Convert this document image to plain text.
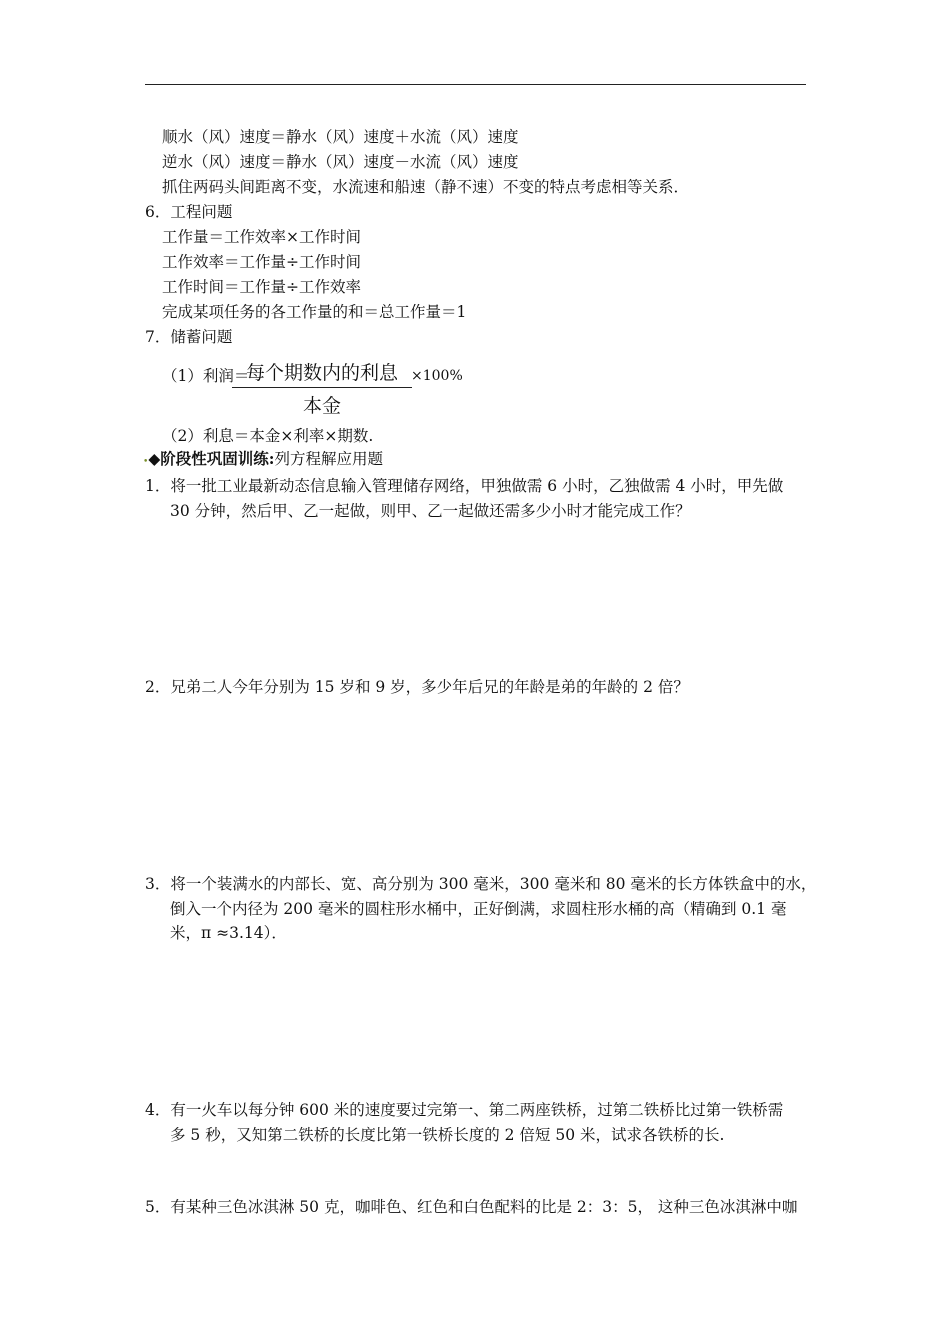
顺水（风）速度＝静水（风）速度＋水流（风）速度
逆水（风）速度＝静水（风）速度－水流（风）速度
抓住两码头间距离不变，水流速和船速（静不速）不变的特点考虑相等关系．
6．工程问题
工作量＝工作效率×工作时间
工作效率＝工作量÷工作时间
工作时间＝工作量÷工作效率
完成某项任务的各工作量的和＝总工作量＝1
7．储蓄问题
（1）利润＝
每个期数内的利息
本金
×100%
（2）利息＝本金×利率×期数.
•◆阶段性巩固训练:列方程解应用题
1．将一批工业最新动态信息输入管理储存网络，甲独做需 6 小时，乙独做需 4 小时，甲先做
30 分钟，然后甲、乙一起做，则甲、乙一起做还需多少小时才能完成工作？
2．兄弟二人今年分别为 15 岁和 9 岁，多少年后兄的年龄是弟的年龄的 2 倍？
3．将一个装满水的内部长、宽、高分别为 300 毫米，300 毫米和 80 毫米的长方体铁盒中的水，
倒入一个内径为 200 毫米的圆柱形水桶中，正好倒满，求圆柱形水桶的高（精确到 0.1 毫
米，π ≈3.14）．
4．有一火车以每分钟 600 米的速度要过完第一、第二两座铁桥，过第二铁桥比过第一铁桥需
多 5 秒，又知第二铁桥的长度比第一铁桥长度的 2 倍短 50 米，试求各铁桥的长.
5．有某种三色冰淇淋 50 克，咖啡色、红色和白色配料的比是 2：3：5， 这种三色冰淇淋中咖
